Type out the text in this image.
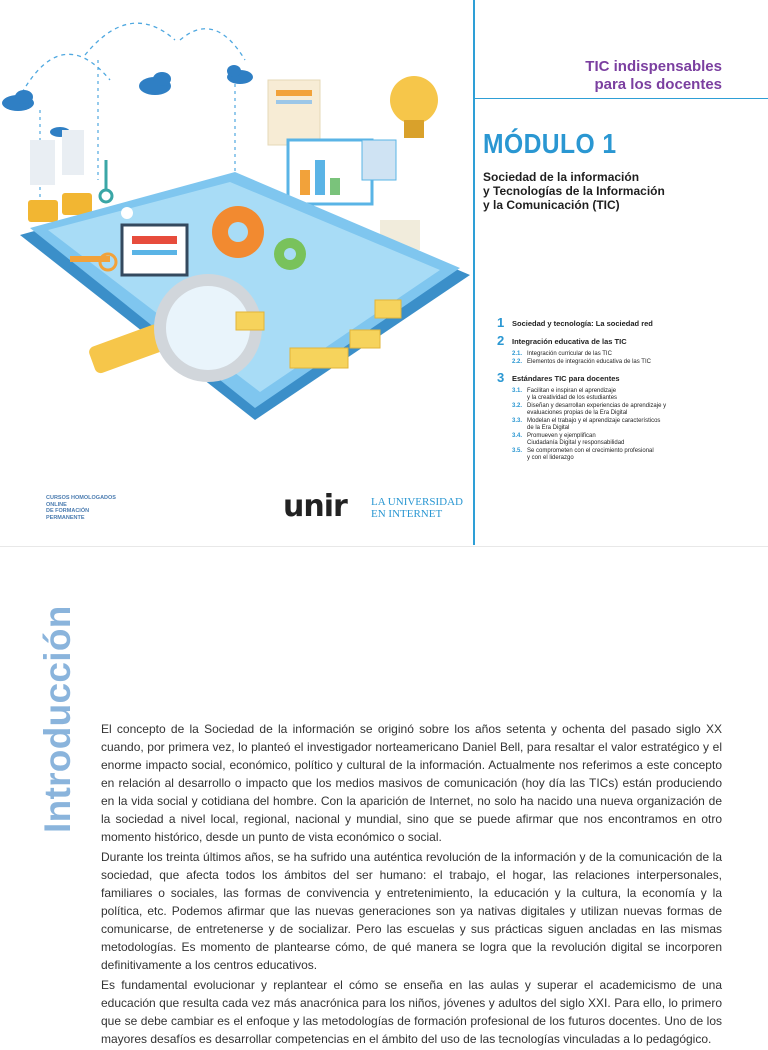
TIC indispensables
para los docentes
MÓDULO 1
Sociedad de la información
y Tecnologías de la Información
y la Comunicación (TIC)
1 Sociedad y tecnología: La sociedad red
2 Integración educativa de las TIC
2.1. Integración curricular de las TIC
2.2. Elementos de integración educativa de las TIC
3 Estándares TIC para docentes
3.1. Facilitan e inspiran el aprendizaje
y la creatividad de los estudiantes
3.2. Diseñan y desarrollan experiencias de aprendizaje y
evaluaciones propias de la Era Digital
3.3. Modelan el trabajo y el aprendizaje característicos
de la Era Digital
3.4. Promueven y ejemplifican
Ciudadanía Digital y responsabilidad
3.5. Se comprometen con el crecimiento profesional
y con el liderazgo
CURSOS HOMOLOGADOS
ONLINE
DE FORMACIÓN
PERMANENTE	unir LA UNIVERSIDAD
EN INTERNET
Introducción El concepto de la Sociedad de la información se originó sobre los años setenta y ochenta del pasado siglo XX cuando, por primera vez, lo planteó el investigador norteamericano Daniel Bell, para resaltar el valor estratégico y el enorme impacto social, económico, político y cultural de la información. Actualmente nos referimos a este concepto en relación al desarrollo o impacto que los medios masivos de comunicación (hoy día las TICs) están produciendo en la vida social y cotidiana del hombre. Con la aparición de Internet, no solo ha nacido una nueva organización de la sociedad a nivel local, regional, nacional y mundial, sino que se puede afirmar que nos encontramos en otro momento histórico, desde un punto de vista económico o social.

Durante los treinta últimos años, se ha sufrido una auténtica revolución de la información y de la comunicación de la sociedad, que afecta todos los ámbitos del ser humano: el trabajo, el hogar, las relaciones interpersonales, familiares o sociales, las formas de convivencia y entretenimiento, la educación y la cultura, la economía y la política, etc. Podemos afirmar que las nuevas generaciones son ya nativas digitales y utilizan nuevas formas de comunicarse, de entretenerse y de socializar. Pero las escuelas y sus prácticas siguen ancladas en las mismas metodologías. Es momento de plantearse cómo, de qué manera se logra que la revolución digital se incorporen definitivamente a los centros educativos.

Es fundamental evolucionar y replantear el cómo se enseña en las aulas y superar el academicismo de una educación que resulta cada vez más anacrónica para los niños, jóvenes y adultos del siglo XXI. Para ello, lo primero que se debe cambiar es el enfoque y las metodologías de formación profesional de los futuros docentes. Uno de los mayores desafíos es desarrollar competencias en el ámbito del uso de las tecnologías vinculadas a lo pedagógico.
